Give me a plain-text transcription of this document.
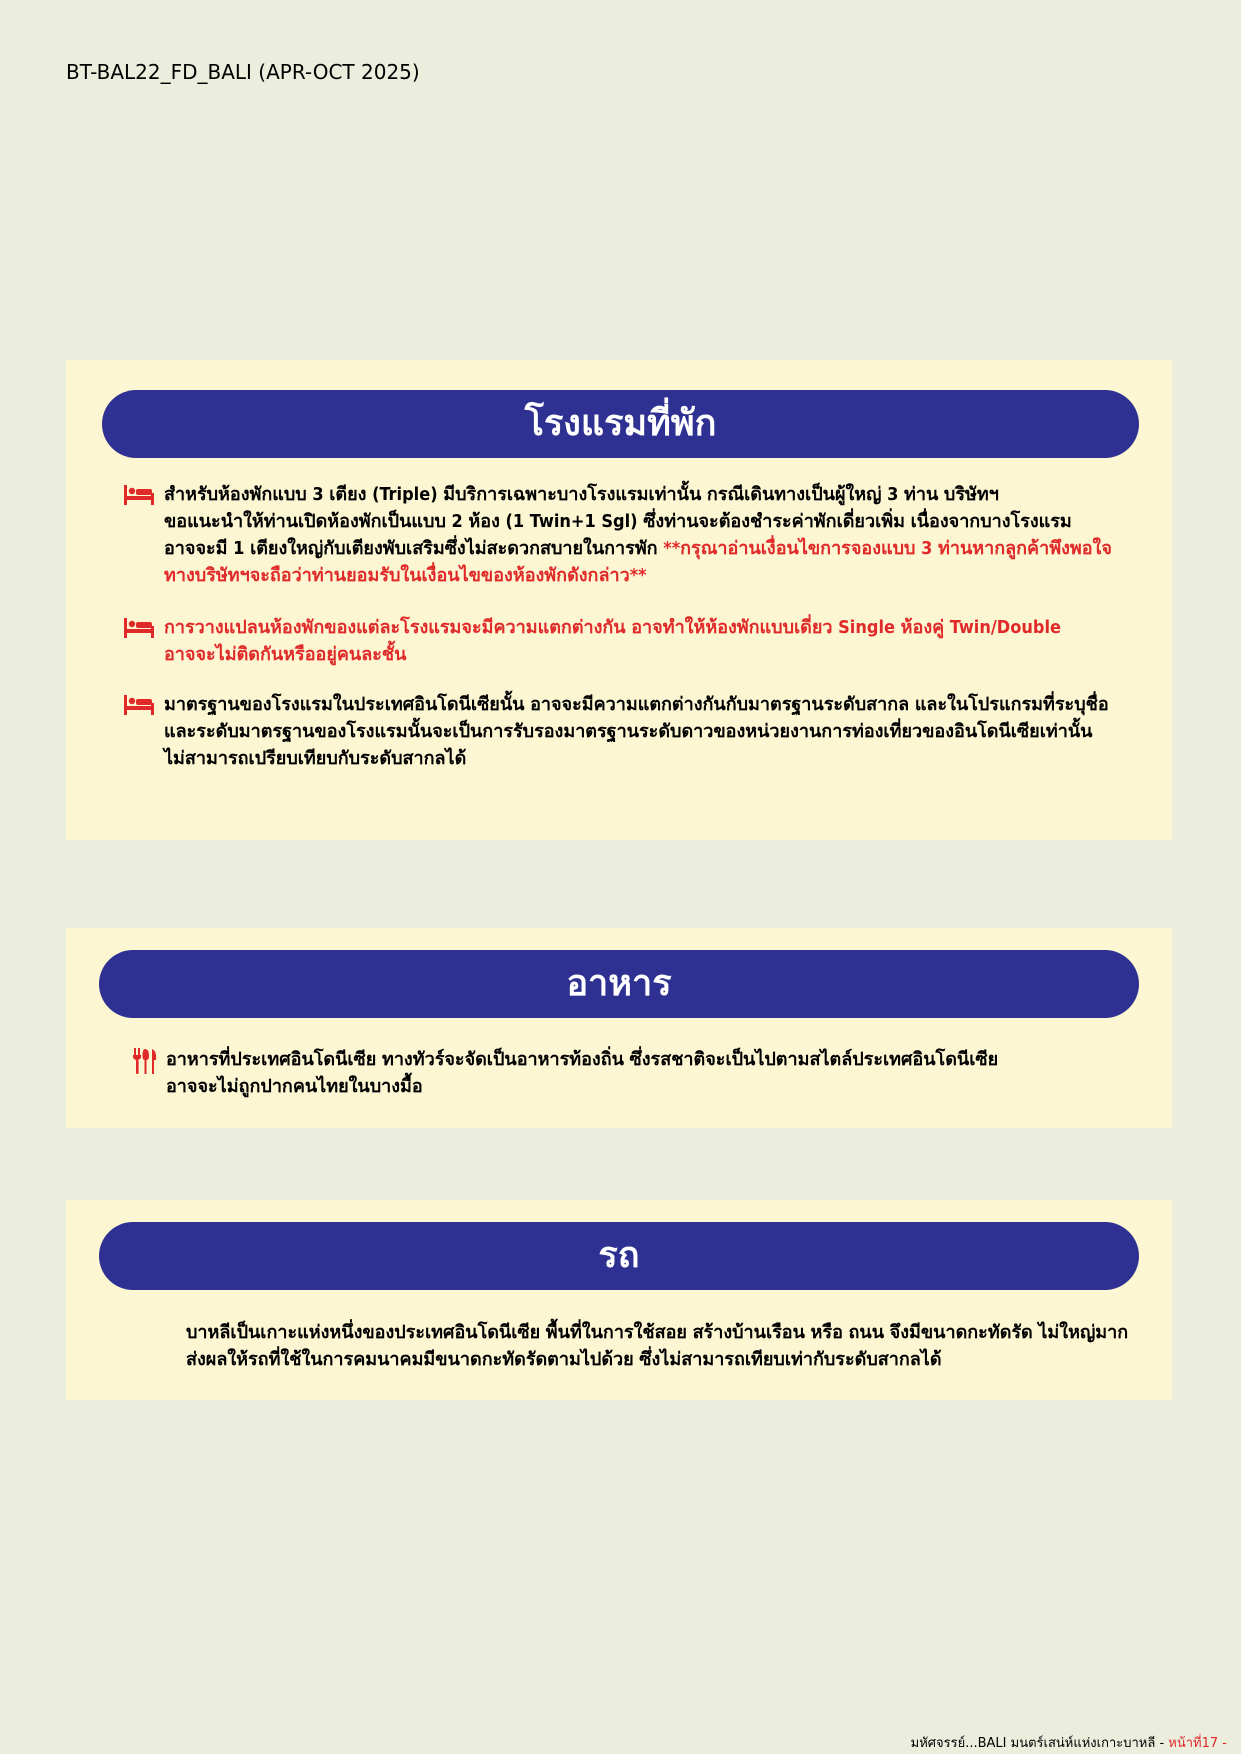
BT-BAL22_FD_BALI (APR-OCT 2025)
โรงแรมที่พัก
สำหรับห้องพักแบบ 3 เตียง (Triple) มีบริการเฉพาะบางโรงแรมเท่านั้น กรณีเดินทางเป็นผู้ใหญ่ 3 ท่าน บริษัทฯ
ขอแนะนำให้ท่านเปิดห้องพักเป็นแบบ 2 ห้อง (1 Twin+1 Sgl) ซึ่งท่านจะต้องชำระค่าพักเดี่ยวเพิ่ม เนื่องจากบางโรงแรม
อาจจะมี 1 เตียงใหญ่กับเตียงพับเสริมซึ่งไม่สะดวกสบายในการพัก **กรุณาอ่านเงื่อนไขการจองแบบ 3 ท่านหากลูกค้าพึงพอใจ
ทางบริษัทฯจะถือว่าท่านยอมรับในเงื่อนไขของห้องพักดังกล่าว**
การวางแปลนห้องพักของแต่ละโรงแรมจะมีความแตกต่างกัน อาจทำให้ห้องพักแบบเดี่ยว Single ห้องคู่ Twin/Double
อาจจะไม่ติดกันหรืออยู่คนละชั้น
มาตรฐานของโรงแรมในประเทศอินโดนีเซียนั้น อาจจะมีความแตกต่างกันกับมาตรฐานระดับสากล และในโปรแกรมที่ระบุชื่อ
และระดับมาตรฐานของโรงแรมนั้นจะเป็นการรับรองมาตรฐานระดับดาวของหน่วยงานการท่องเที่ยวของอินโดนีเซียเท่านั้น
ไม่สามารถเปรียบเทียบกับระดับสากลได้
อาหาร
อาหารที่ประเทศอินโดนีเซีย ทางทัวร์จะจัดเป็นอาหารท้องถิ่น ซึ่งรสชาติจะเป็นไปตามสไตล์ประเทศอินโดนีเซีย
อาจจะไม่ถูกปากคนไทยในบางมื้อ
รถ
บาหลีเป็นเกาะแห่งหนึ่งของประเทศอินโดนีเซีย พื้นที่ในการใช้สอย สร้างบ้านเรือน หรือ ถนน จึงมีขนาดกะทัดรัด ไม่ใหญ่มาก
ส่งผลให้รถที่ใช้ในการคมนาคมมีขนาดกะทัดรัดตามไปด้วย ซึ่งไม่สามารถเทียบเท่ากับระดับสากลได้
มหัศจรรย์...BALI มนตร์เสน่ห์แห่งเกาะบาหลี - หน้าที่17 -
